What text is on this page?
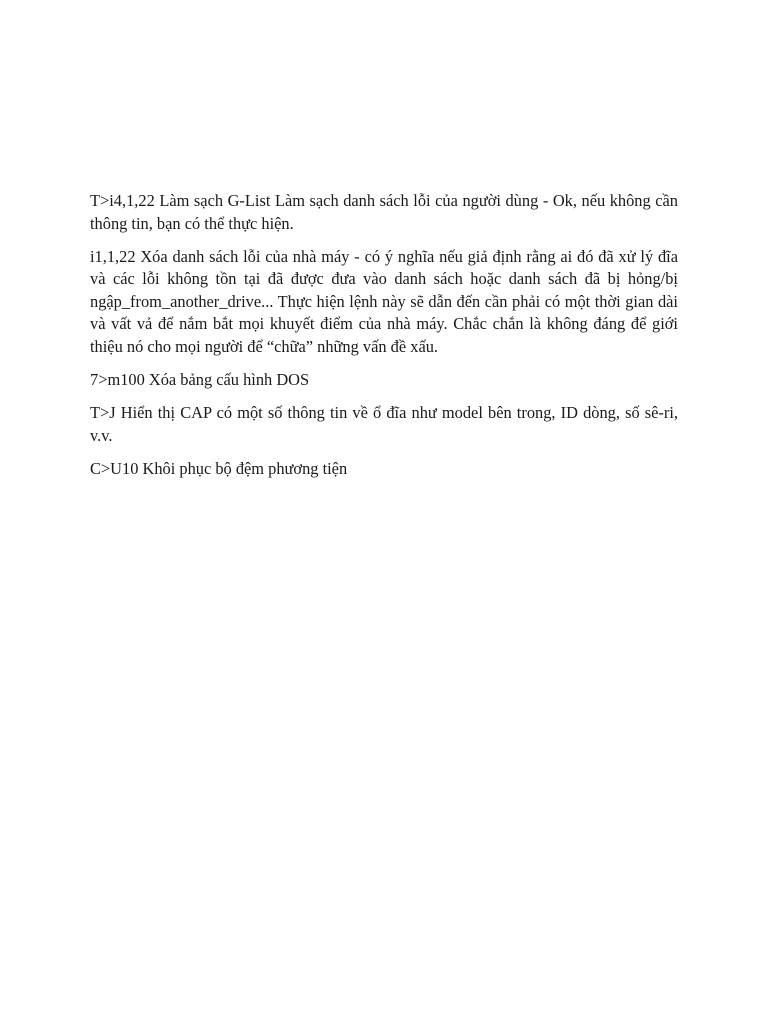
T>i4,1,22 Làm sạch G-List Làm sạch danh sách lỗi của người dùng - Ok, nếu không cần thông tin, bạn có thể thực hiện.

i1,1,22 Xóa danh sách lỗi của nhà máy - có ý nghĩa nếu giả định rằng ai đó đã xử lý đĩa và các lỗi không tồn tại đã được đưa vào danh sách hoặc danh sách đã bị hỏng/bị ngập_from_another_drive... Thực hiện lệnh này sẽ dẫn đến cần phải có một thời gian dài và vất vả để nắm bắt mọi khuyết điểm của nhà máy. Chắc chắn là không đáng để giới thiệu nó cho mọi người để “chữa” những vấn đề xấu.

7>m100 Xóa bảng cấu hình DOS

T>J Hiển thị CAP có một số thông tin về ổ đĩa như model bên trong, ID dòng, số sê-ri, v.v.

C>U10 Khôi phục bộ đệm phương tiện
